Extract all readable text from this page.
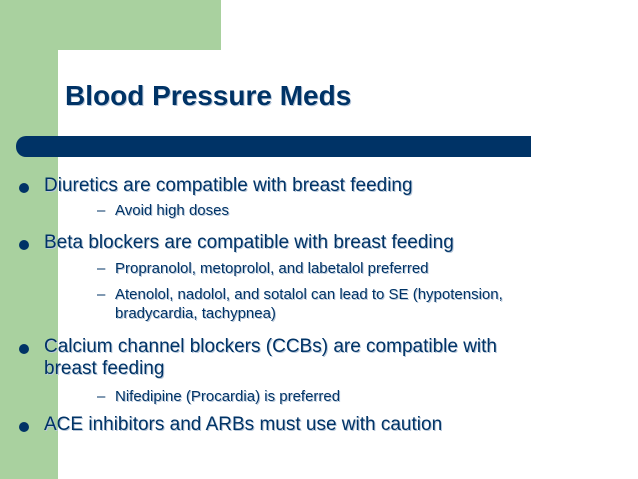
Blood Pressure Meds
Diuretics are compatible with breast feeding
– Avoid high doses
Beta blockers are compatible with breast feeding
– Propranolol, metoprolol, and labetalol preferred
– Atenolol, nadolol, and sotalol can lead to SE (hypotension, bradycardia, tachypnea)
Calcium channel blockers (CCBs) are compatible with breast feeding
– Nifedipine (Procardia) is preferred
ACE inhibitors and ARBs must use with caution
